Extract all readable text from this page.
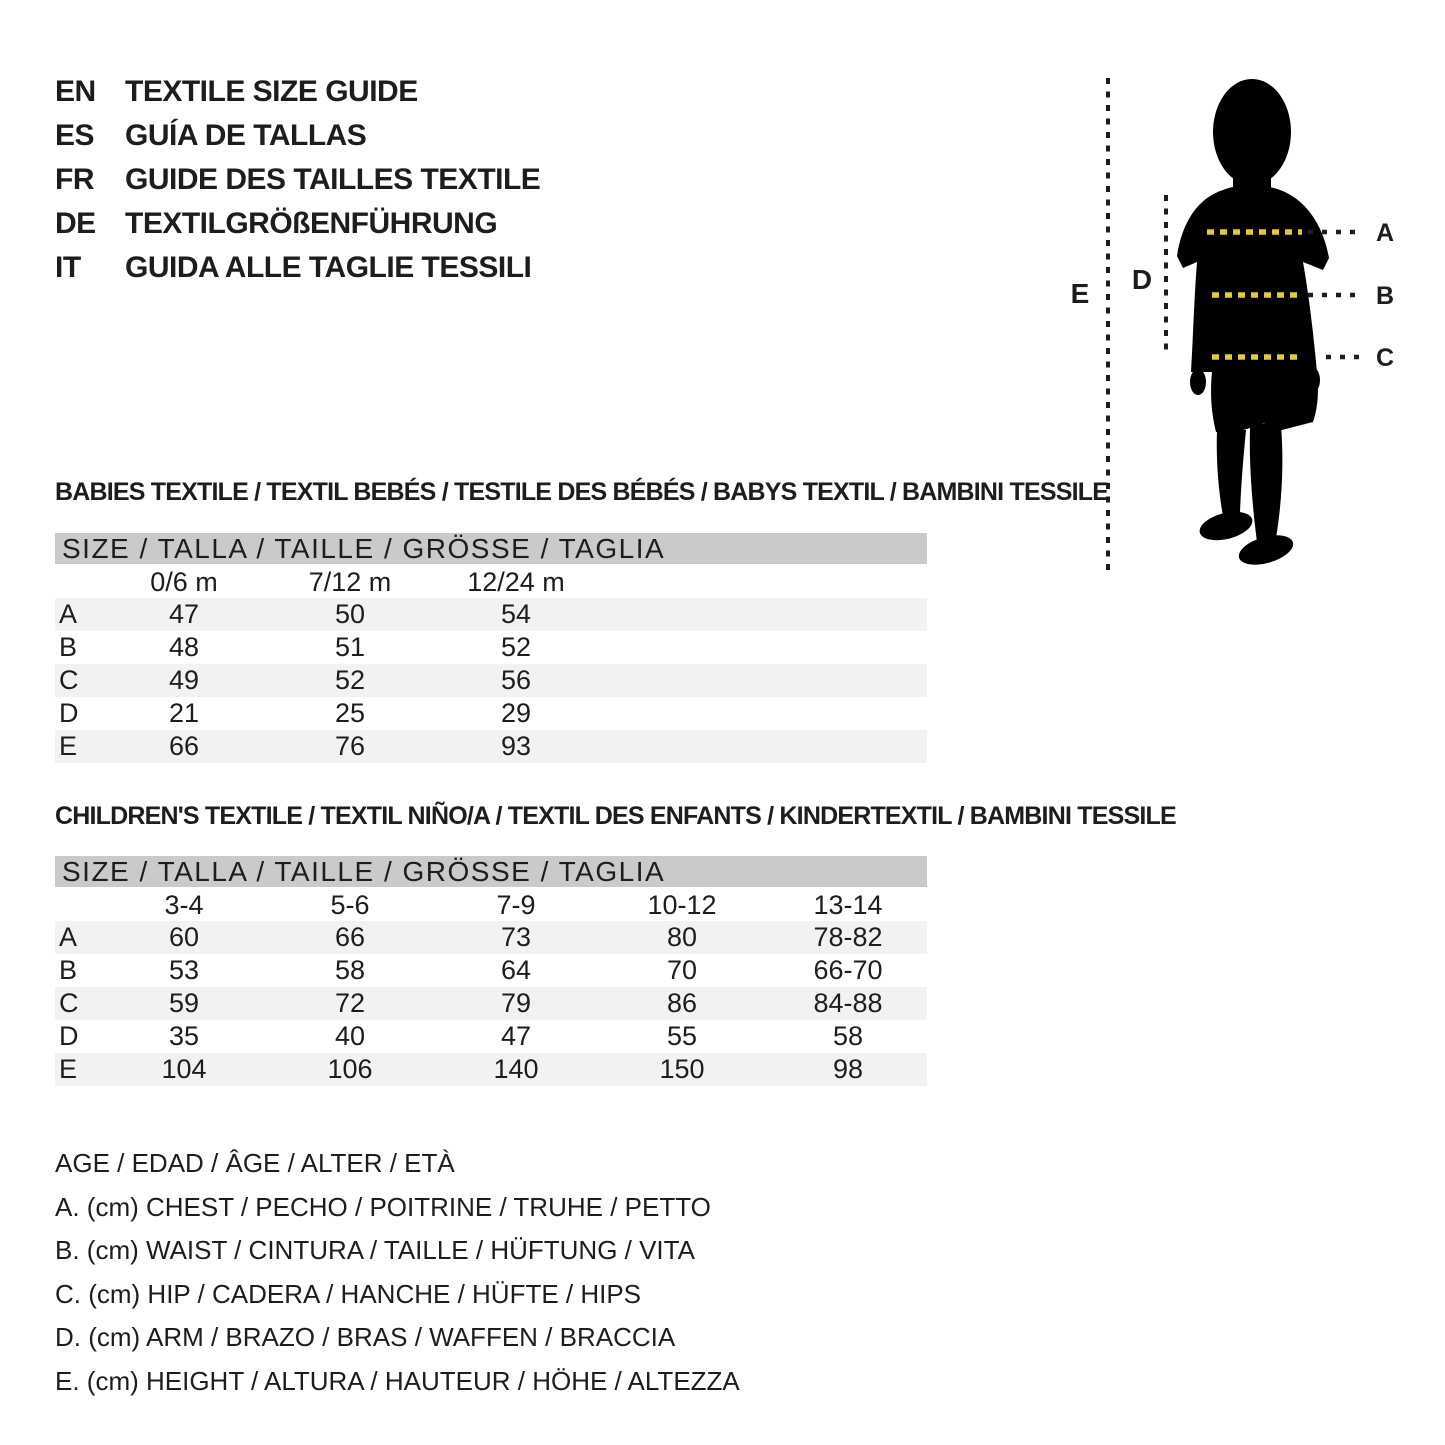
EN TEXTILE SIZE GUIDE
ES	GUÍA DE TALLAS
FR	GUIDE DES TAILLES TEXTILE
DE TEXTILGRÖßENFÜHRUNG
IT	GUIDA ALLE TAGLIE TESSILI
A
B
C
D
E
BABIES TEXTILE / TEXTIL BEBÉS / TESTILE DES BÉBÉS / BABYS TEXTIL / BAMBINI TESSILE
SIZE / TALLA / TAILLE / GRÖSSE / TAGLIA
0/6 m	7/12 m	12/24 m
A	47	50	54
B	48	51	52
C	49	52	56
D	21	25	29
E	66	76	93
CHILDREN'S TEXTILE / TEXTIL NIÑO/A / TEXTIL DES ENFANTS / KINDERTEXTIL / BAMBINI TESSILE
SIZE / TALLA / TAILLE / GRÖSSE / TAGLIA
3-4	5-6	7-9	10-12	13-14
A	60	66	73	80	78-82
B	53	58	64	70	66-70
C	59	72	79	86	84-88
D	35	40	47	55	58
E	104	106	140	150	98
AGE / EDAD / ÂGE / ALTER / ETÀ
A. (cm) CHEST / PECHO / POITRINE / TRUHE / PETTO
B. (cm) WAIST / CINTURA / TAILLE / HÜFTUNG / VITA
C. (cm) HIP / CADERA / HANCHE / HÜFTE / HIPS
D. (cm) ARM / BRAZO / BRAS / WAFFEN / BRACCIA
E. (cm) HEIGHT / ALTURA / HAUTEUR / HÖHE / ALTEZZA
